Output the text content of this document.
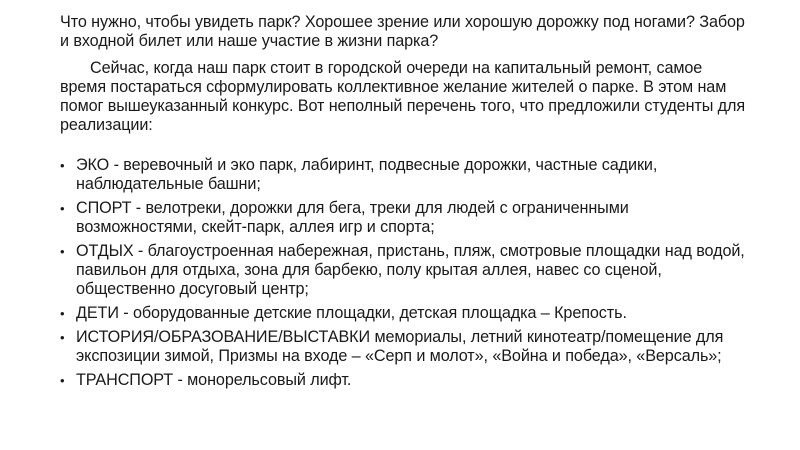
Что нужно, чтобы увидеть парк? Хорошее зрение или хорошую дорожку под ногами? Забор и входной билет или наше участие в жизни парка?

Сейчас, когда наш парк стоит в городской очереди на капитальный ремонт, самое время постараться сформулировать коллективное желание жителей о парке. В этом нам помог вышеуказанный конкурс. Вот неполный перечень того, что предложили студенты для реализации:

• ЭКО - веревочный и эко парк, лабиринт, подвесные дорожки, частные садики, наблюдательные башни;
• СПОРТ - велотреки, дорожки для бега, треки для людей с ограниченными возможностями, скейт-парк, аллея игр и спорта;
• ОТДЫХ - благоустроенная набережная, пристань, пляж, смотровые площадки над водой, павильон для отдыха, зона для барбекю, полу крытая аллея, навес со сценой, общественно досуговый центр;
• ДЕТИ - оборудованные детские площадки, детская площадка – Крепость.
• ИСТОРИЯ/ОБРАЗОВАНИЕ/ВЫСТАВКИ мемориалы, летний кинотеатр/помещение для экспозиции зимой, Призмы на входе – «Серп и молот», «Война и победа», «Версаль»;
• ТРАНСПОРТ - монорельсовый лифт.
